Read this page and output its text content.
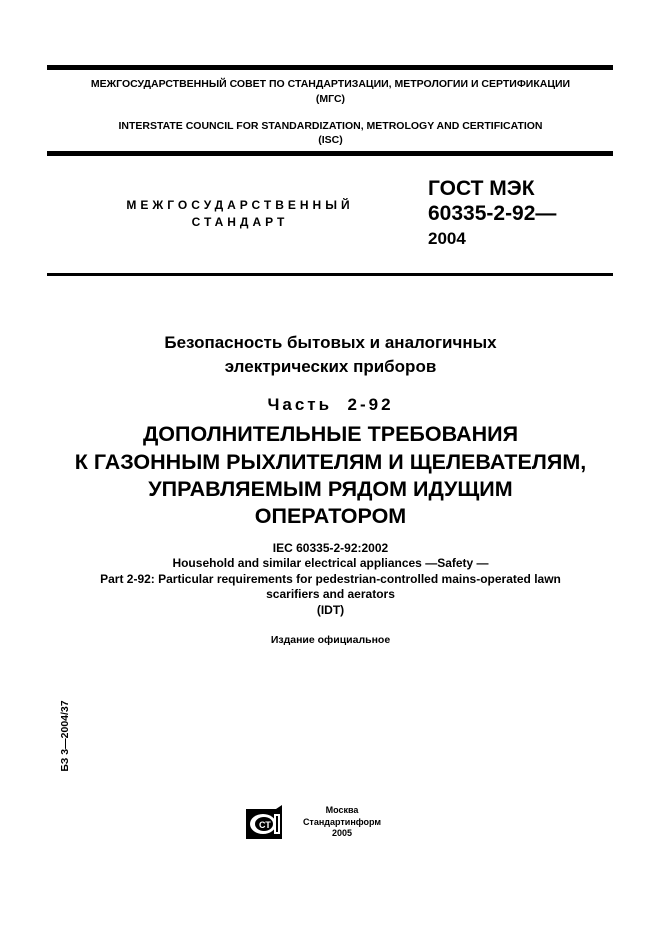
МЕЖГОСУДАРСТВЕННЫЙ СОВЕТ ПО СТАНДАРТИЗАЦИИ, МЕТРОЛОГИИ И СЕРТИФИКАЦИИ
(МГС)
INTERSTATE COUNCIL FOR STANDARDIZATION, METROLOGY AND CERTIFICATION
(ISC)
МЕЖГОСУДАРСТВЕННЫЙ
СТАНДАРТ
ГОСТ МЭК
60335-2-92—
2004
Безопасность бытовых и аналогичных
электрических приборов
Часть  2-92
ДОПОЛНИТЕЛЬНЫЕ ТРЕБОВАНИЯ
К ГАЗОННЫМ РЫХЛИТЕЛЯМ И ЩЕЛЕВАТЕЛЯМ,
УПРАВЛЯЕМЫМ РЯДОМ ИДУЩИМ
ОПЕРАТОРОМ
IEC 60335-2-92:2002
Household and similar electrical appliances —Safety —
Part 2-92: Particular requirements for pedestrian-controlled mains-operated lawn
scarifiers and aerators
(IDT)
Издание официальное
БЗ 3—2004/37
СТ
Москва
Стандартинформ
2005
